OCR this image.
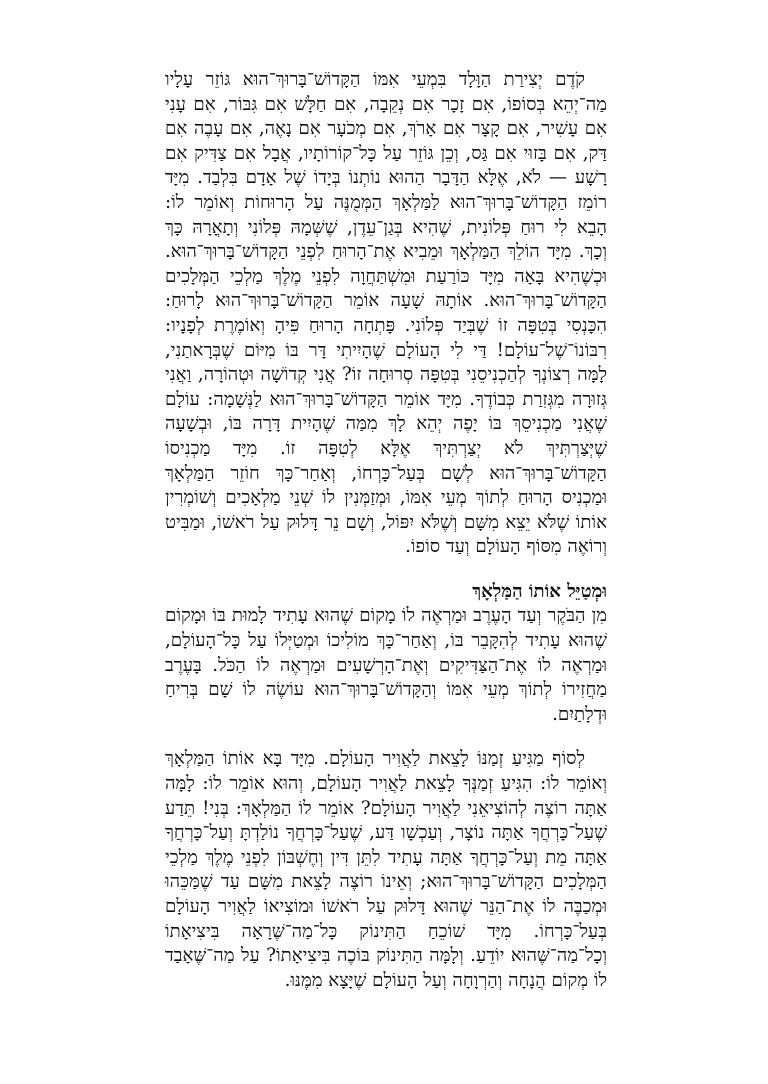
קֹדֶם יְצִירַת הַוָּלָד בִּמְעֵי אִמּוֹ הַקָּדוֹשׁ־בָּרוּךְ־הוּא גּוֹזֵר עָלָיו מַה־יְהֵא בְּסוֹפוֹ, אִם זָכָר אִם נְקֵבָה, אִם חַלָּשׁ אִם גִּבּוֹר, אִם עָנִי אִם עָשִׁיר, אִם קָצָר אִם אָרֹךְ, אִם מְכֹעָר אִם נָאֶה, אִם עָבֶה אִם דַּק, אִם בָּזוּי אִם גַּס, וְכֵן גּוֹזֵר עַל כָּל־קוֹרוֹתָיו, אֲבָל אִם צַדִּיק אִם רָשָׁע — לֹא, אֶלָּא הַדָּבָר הַהוּא נוֹתְנוֹ בְּיָדוֹ שֶׁל אָדָם בִּלְבַד. מִיָּד רוֹמֵז הַקָּדוֹשׁ־בָּרוּךְ־הוּא לַמַּלְאָךְ הַמְּמֻנֶּה עַל הָרוּחוֹת וְאוֹמֵר לוֹ: הָבֵא לִי רוּחַ פְּלוֹנִית, שֶׁהִיא בְּגַן־עֵדֶן, שֶׁשְּׁמָהּ פְּלוֹנִי וְתָאֳרָהּ כָּךְ וְכָךְ. מִיָּד הוֹלֵךְ הַמַּלְאָךְ וּמֵבִיא אֶת־הָרוּחַ לִפְנֵי הַקָּדוֹשׁ־בָּרוּךְ־הוּא. וּכְשֶׁהִיא בָּאָה מִיָּד כּוֹרַעַת וּמִשְׁתַּחֲוָה לִפְנֵי מֶלֶךְ מַלְכֵי הַמְּלָכִים הַקָּדוֹשׁ־בָּרוּךְ־הוּא. אוֹתָהּ שָׁעָה אוֹמֵר הַקָּדוֹשׁ־בָּרוּךְ־הוּא לָרוּחַ: הִכָּנְסִי בְּטִפָּה זוֹ שֶׁבְּיַד פְּלוֹנִי. פָּתְחָה הָרוּחַ פִּיהָ וְאוֹמֶרֶת לְפָנָיו: רִבּוֹנוֹ־שֶׁל־עוֹלָם! דַּי לִי הָעוֹלָם שֶׁהָיִיתִי דָּר בּוֹ מִיּוֹם שֶׁבְּרָאתַנִי, לָמָּה רְצוֹנְךָ לְהַכְנִיסֵנִי בְּטִפָּה סְרוּחָה זוֹ? אֲנִי קְדוֹשָׁה וּטְהוֹרָה, וַאֲנִי גְּזוּרָה מִגְּזִרַת כְּבוֹדֶךָ. מִיָּד אוֹמֵר הַקָּדוֹשׁ־בָּרוּךְ־הוּא לַנְּשָׁמָה: עוֹלָם שֶׁאֲנִי מַכְנִיסֵךְ בּוֹ יָפֶה יְהֵא לָךְ מִמַּה שֶׁהָיִית דָּרָה בּוֹ, וּבְשָׁעָה שֶׁיְּצַרְתִּיךְ לֹא יְצַרְתִּיךְ אֶלָּא לְטִפָּה זוֹ. מִיָּד מַכְנִיסוֹ הַקָּדוֹשׁ־בָּרוּךְ־הוּא לְשָׁם בְּעַל־כָּרְחוֹ, וְאַחַר־כָּךְ חוֹזֵר הַמַּלְאָךְ וּמַכְנִיס הָרוּחַ לְתוֹךְ מְעֵי אִמּוֹ, וּמְזַמְּנִין לוֹ שְׁנֵי מַלְאָכִים וְשׁוֹמְרִין אוֹתוֹ שֶׁלֹּא יֵצֵא מִשָּׁם וְשֶׁלֹּא יִפּוֹל, וְשָׁם נֵר דָּלוּק עַל רֹאשׁוֹ, וּמַבִּיט וְרוֹאֶה מִסּוֹף הָעוֹלָם וְעַד סוֹפוֹ.

וּמְטַיֵּל אוֹתוֹ הַמַּלְאָךְ

מִן הַבֹּקֶר וְעַד הָעֶרֶב וּמַרְאֶה לוֹ מָקוֹם שֶׁהוּא עָתִיד לָמוּת בּוֹ וּמָקוֹם שֶׁהוּא עָתִיד לְהִקָּבֵר בּוֹ, וְאַחַר־כָּךְ מוֹלִיכוֹ וּמְטַיְּלוֹ עַל כָּל־הָעוֹלָם, וּמַרְאֶה לוֹ אֶת־הַצַּדִּיקִים וְאֶת־הָרְשָׁעִים וּמַרְאֶה לוֹ הַכֹּל. בָּעֶרֶב מַחֲזִירוֹ לְתוֹךְ מְעֵי אִמּוֹ וְהַקָּדוֹשׁ־בָּרוּךְ־הוּא עוֹשֶׂה לוֹ שָׁם בְּרִיחַ וּדְלָתַיִם.

לְסוֹף מַגִּיעַ זְמַנּוֹ לָצֵאת לַאֲוִיר הָעוֹלָם. מִיָּד בָּא אוֹתוֹ הַמַּלְאָךְ וְאוֹמֵר לוֹ: הִגִּיעַ זְמַנְּךָ לָצֵאת לַאֲוִיר הָעוֹלָם, וְהוּא אוֹמֵר לוֹ: לָמָּה אַתָּה רוֹצֶה לְהוֹצִיאֵנִי לַאֲוִיר הָעוֹלָם? אוֹמֵר לוֹ הַמַּלְאָךְ: בְּנִי! תֵּדַע שֶׁעַל־כָּרְחֲךָ אַתָּה נוֹצָר, וְעַכְשָׁו דַּע, שֶׁעַל־כָּרְחֲךָ נוֹלַדְתָּ וְעַל־כָּרְחֲךָ אַתָּה מֵת וְעַל־כָּרְחֲךָ אַתָּה עָתִיד לִתֵּן דִּין וְחֶשְׁבּוֹן לִפְנֵי מֶלֶךְ מַלְכֵי הַמְּלָכִים הַקָּדוֹשׁ־בָּרוּךְ־הוּא; וְאֵינוֹ רוֹצֶה לָצֵאת מִשָּׁם עַד שֶׁמַּכֵּהוּ וּמְכַבֶּה לוֹ אֶת־הַנֵּר שֶׁהוּא דָּלוּק עַל רֹאשׁוֹ וּמוֹצִיאוֹ לַאֲוִיר הָעוֹלָם בְּעַל־כָּרְחוֹ. מִיָּד שׁוֹכֵחַ הַתִּינוֹק כָּל־מַה־שֶּׁרָאָה בִּיצִיאָתוֹ וְכָל־מַה־שֶּׁהוּא יוֹדֵעַ. וְלָמָּה הַתִּינוֹק בּוֹכֶה בִּיצִיאָתוֹ? עַל מַה־שֶּׁאָבַד לוֹ מְקוֹם הֲנָחָה וְהַרְוָחָה וְעַל הָעוֹלָם שֶׁיָּצָא מִמֶּנּוּ.
